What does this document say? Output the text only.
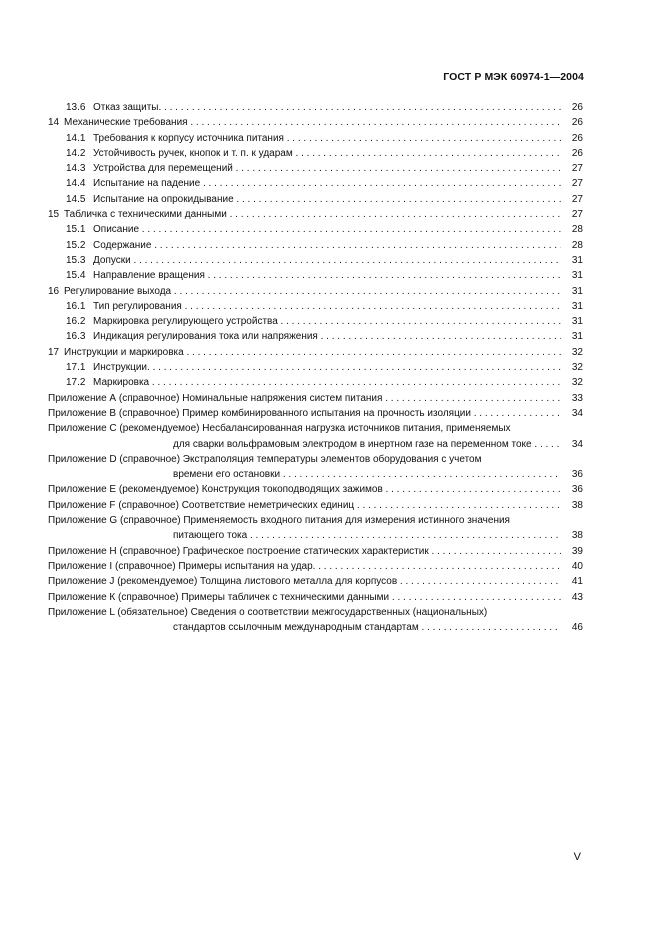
ГОСТ Р МЭК 60974-1—2004
13.6 Отказ защиты. . . .	26
14 Механические требования . . .	26
14.1 Требования к корпусу источника питания . . .	26
14.2 Устойчивость ручек, кнопок и т. п. к ударам . . .	26
14.3 Устройства для перемещений . . .	27
14.4 Испытание на падение . . .	27
14.5 Испытание на опрокидывание . . .	27
15 Табличка с техническими данными . . .	27
15.1 Описание . . .	28
15.2 Содержание . . .	28
15.3 Допуски . . .	31
15.4 Направление вращения . . .	31
16 Регулирование выхода . . .	31
16.1 Тип регулирования . . .	31
16.2 Маркировка регулирующего устройства . . .	31
16.3 Индикация регулирования тока или напряжения . . .	31
17 Инструкции и маркировка . . .	32
17.1 Инструкции. . . .	32
17.2 Маркировка . . .	32
Приложение А (справочное) Номинальные напряжения систем питания . . .	33
Приложение В (справочное) Пример комбинированного испытания на прочность изоляции . . .	34
Приложение С (рекомендуемое) Несбалансированная нагрузка источников питания, применяемых
для сварки вольфрамовым электродом в инертном газе на переменном токе . . .	34
Приложение D (справочное) Экстраполяция температуры элементов оборудования с учетом
времени его остановки . . .	36
Приложение Е (рекомендуемое) Конструкция токоподводящих зажимов . . .	36
Приложение F (справочное) Соответствие неметрических единиц . . .	38
Приложение G (справочное) Применяемость входного питания для измерения истинного значения
питающего тока . . .	38
Приложение Н (справочное) Графическое построение статических характеристик . . .	39
Приложение I (справочное) Примеры испытания на удар. . . .	40
Приложение J (рекомендуемое) Толщина листового металла для корпусов . . .	41
Приложение К (справочное) Примеры табличек с техническими данными . . .	43
Приложение L (обязательное) Сведения о соответствии межгосударственных (национальных)
стандартов ссылочным международным стандартам . . .	46
V
